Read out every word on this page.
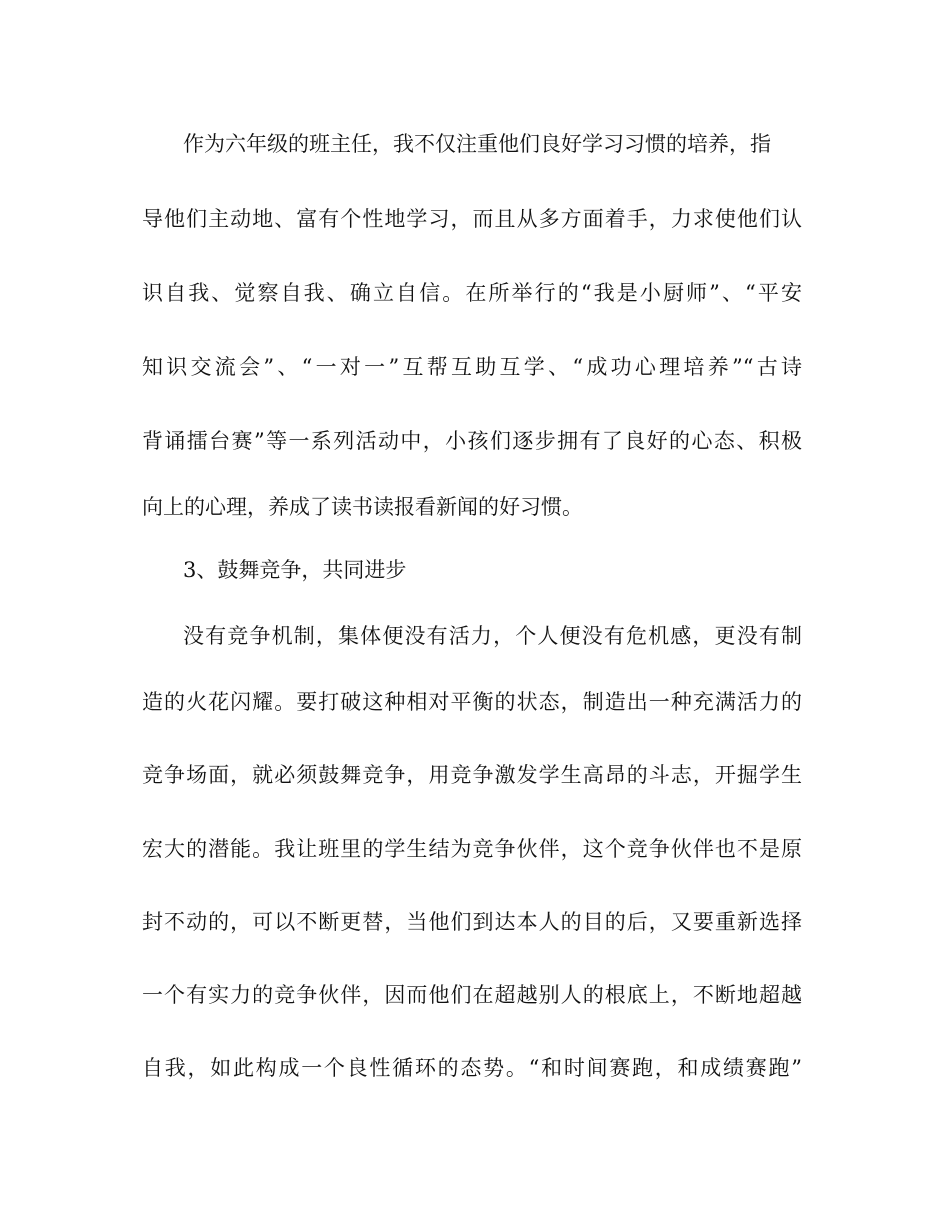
作为六年级的班主任，我不仅注重他们良好学习习惯的培养，指
导他们主动地、富有个性地学习，而且从多方面着手，力求使他们认
识自我、觉察自我、确立自信。在所举行的“我是小厨师”、“平安
知识交流会”、“一对一”互帮互助互学、“成功心理培养”“古诗
背诵擂台赛”等一系列活动中，小孩们逐步拥有了良好的心态、积极
向上的心理，养成了读书读报看新闻的好习惯。
3、鼓舞竞争，共同进步
没有竞争机制，集体便没有活力，个人便没有危机感，更没有制
造的火花闪耀。要打破这种相对平衡的状态，制造出一种充满活力的
竞争场面，就必须鼓舞竞争，用竞争激发学生高昂的斗志，开掘学生
宏大的潜能。我让班里的学生结为竞争伙伴，这个竞争伙伴也不是原
封不动的，可以不断更替，当他们到达本人的目的后，又要重新选择
一个有实力的竞争伙伴，因而他们在超越别人的根底上，不断地超越
自我，如此构成一个良性循环的态势。“和时间赛跑，和成绩赛跑”
